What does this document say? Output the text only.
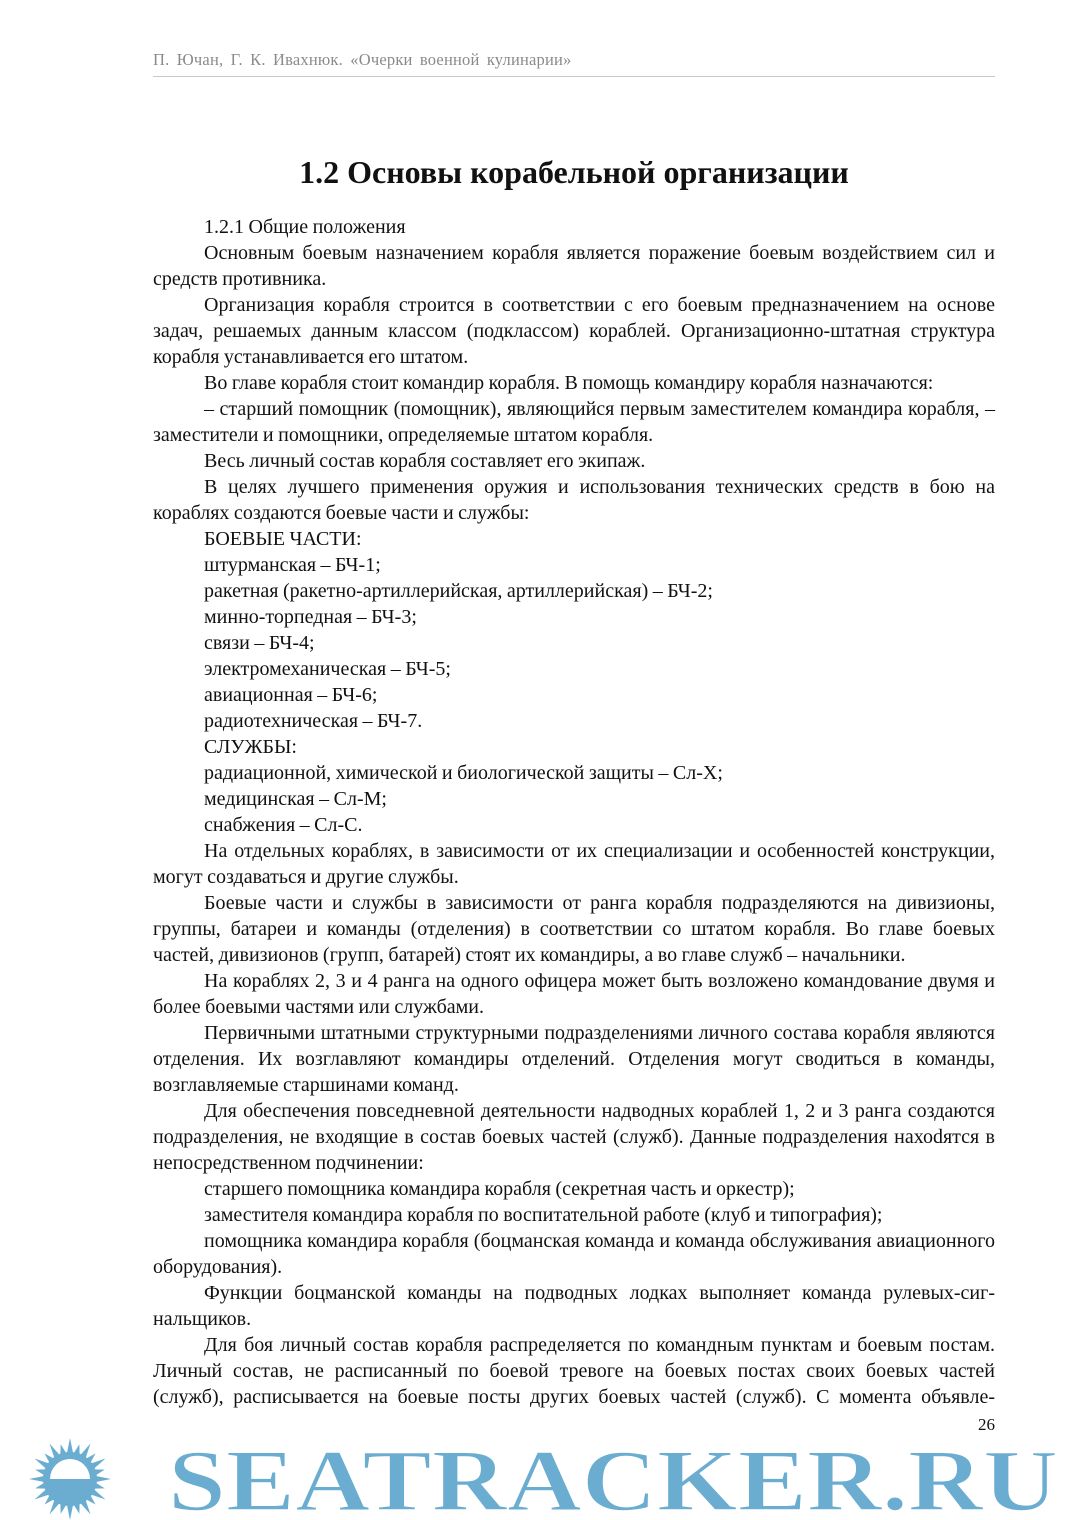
П. Ючан, Г. К. Ивахнюк. «Очерки военной кулинарии»
1.2 Основы корабельной организации

1.2.1 Общие положения

Основным боевым назначением корабля является поражение боевым воздействием сил и средств противника.

Организация корабля строится в соответствии с его боевым предназначением на основе задач, решаемых данным классом (подклассом) кораблей. Организационно-штатная структура корабля устанавливается его штатом.

Во главе корабля стоит командир корабля. В помощь командиру корабля назначаются:

– старший помощник (помощник), являющийся первым заместителем командира корабля, – заместители и помощники, определяемые штатом корабля.

Весь личный состав корабля составляет его экипаж.

В целях лучшего применения оружия и использования технических средств в бою на кораблях создаются боевые части и службы:

БОЕВЫЕ ЧАСТИ:

штурманская – БЧ-1;

ракетная (ракетно-артиллерийская, артиллерийская) – БЧ-2;

минно-торпедная – БЧ-3;

связи – БЧ-4;

электромеханическая – БЧ-5;

авиационная – БЧ-6;

радиотехническая – БЧ-7.

СЛУЖБЫ:

радиационной, химической и биологической защиты – Сл-Х;

медицинская – Сл-М;

снабжения – Сл-С.

На отдельных кораблях, в зависимости от их специализации и особенностей конструкции, могут создаваться и другие службы.

Боевые части и службы в зависимости от ранга корабля подразделяются на дивизионы, группы, батареи и команды (отделения) в соответствии со штатом корабля. Во главе боевых частей, дивизионов (групп, батарей) стоят их командиры, а во главе служб – начальники.

На кораблях 2, 3 и 4 ранга на одного офицера может быть возложено командование двумя и более боевыми частями или службами.

Первичными штатными структурными подразделениями личного состава корабля являются отделения. Их возглавляют командиры отделений. Отделения могут сводиться в команды, возглавляемые старшинами команд.

Для обеспечения повседневной деятельности надводных кораблей 1, 2 и 3 ранга создаются подразделения, не входящие в состав боевых частей (служб). Данные подразделения нахоdятся в непосредственном подчинении:

старшего помощника командира корабля (секретная часть и оркестр);

заместителя командира корабля по воспитательной работе (клуб и типография);

помощника командира корабля (боцманская команда и команда обслуживания авиационного оборудования).

Функции боцманской команды на подводных лодках выполняет команда рулевых-сигнальщиков.

Для боя личный состав корабля распределяется по командным пунктам и боевым постам. Личный состав, не расписанный по боевой тревоге на боевых постах своих боевых частей (служб), расписывается на боевые посты других боевых частей (служб). С момента объявле-

26
SEATRACKER.RU
